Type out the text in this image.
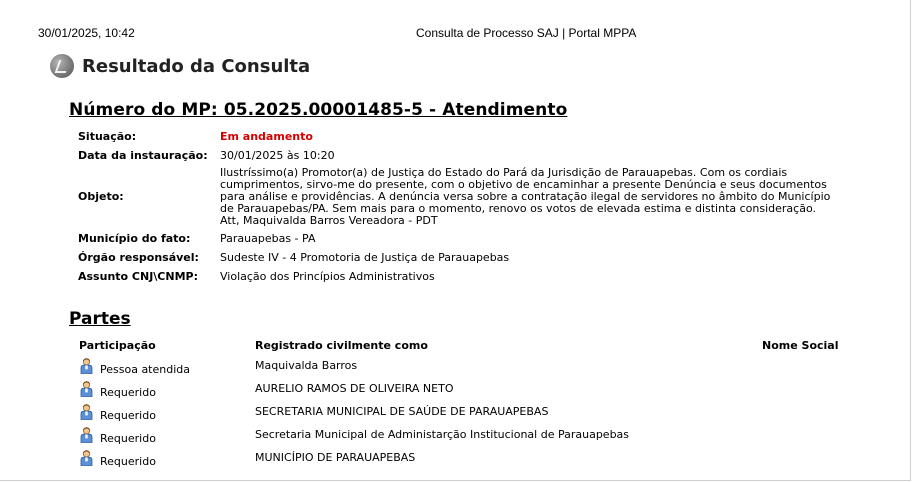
30/01/2025, 10:42	Consulta de Processo SAJ | Portal MPPA
Resultado da Consulta
Número do MP: 05.2025.00001485-5 - Atendimento
Situação:	Em andamento
Data da instauração:	30/01/2025 às 10:20
Objeto:	Ilustríssimo(a) Promotor(a) de Justiça do Estado do Pará da Jurisdição de Parauapebas. Com os cordiais
cumprimentos, sirvo-me do presente, com o objetivo de encaminhar a presente Denúncia e seus documentos
para análise e providências. A denúncia versa sobre a contratação ilegal de servidores no âmbito do Município
de Parauapebas/PA. Sem mais para o momento, renovo os votos de elevada estima e distinta consideração.
Att, Maquivalda Barros Vereadora - PDT

Município do fato:	Parauapebas - PA
Órgão responsável:	Sudeste IV - 4 Promotoria de Justiça de Parauapebas
Assunto CNJ\CNMP:	Violação dos Princípios Administrativos
Partes
Participação	Registrado civilmente como	Nome Social
Pessoa atendida	Maquivalda Barros
Requerido	AURELIO RAMOS DE OLIVEIRA NETO
Requerido	SECRETARIA MUNICIPAL DE SAÚDE DE PARAUAPEBAS
Requerido	Secretaria Municipal de Administarção Institucional de Parauapebas
Requerido	MUNICÍPIO DE PARAUAPEBAS
